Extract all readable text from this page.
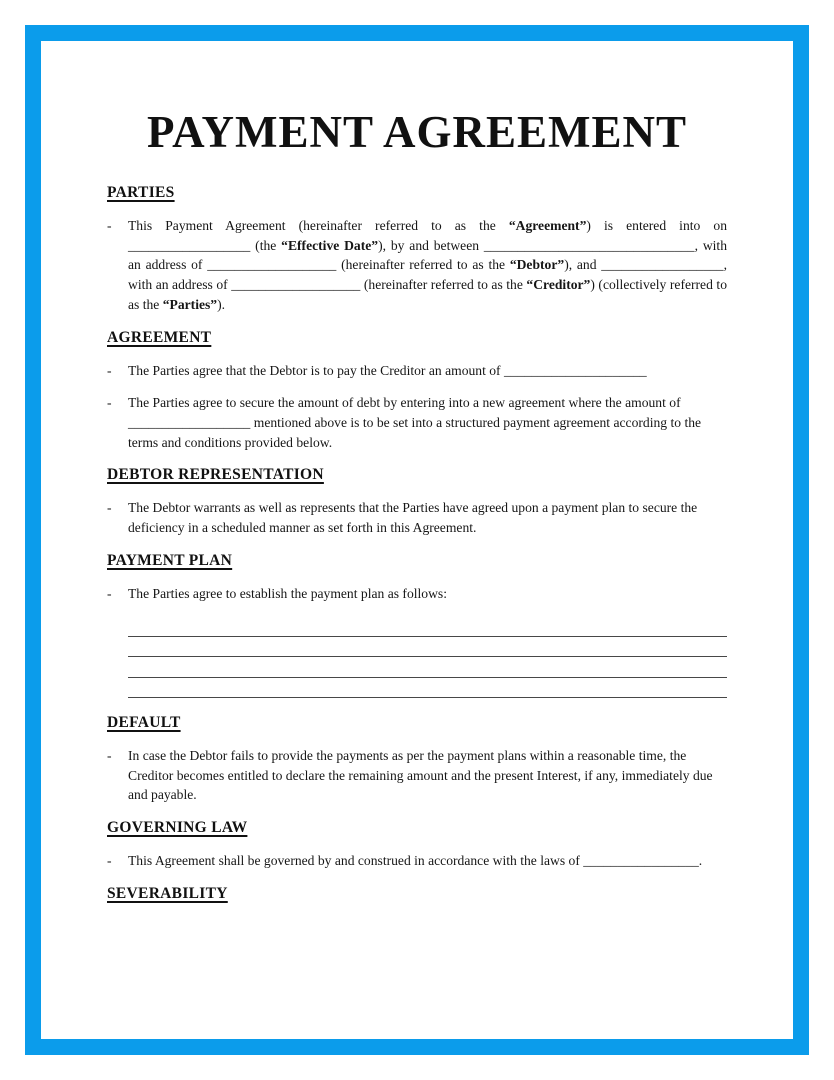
PAYMENT AGREEMENT
PARTIES
-	This Payment Agreement (hereinafter referred to as the “Agreement”) is entered into on __________________ (the “Effective Date”), by and between _______________________________, with an address of ___________________ (hereinafter referred to as the “Debtor”), and __________________, with an address of ___________________ (hereinafter referred to as the “Creditor”) (collectively referred to as the “Parties”).

AGREEMENT
-	The Parties agree that the Debtor is to pay the Creditor an amount of _____________________

-	The Parties agree to secure the amount of debt by entering into a new agreement where the amount of __________________ mentioned above is to be set into a structured payment agreement according to the terms and conditions provided below.

DEBTOR REPRESENTATION
-	The Debtor warrants as well as represents that the Parties have agreed upon a payment plan to secure the deficiency in a scheduled manner as set forth in this Agreement.

PAYMENT PLAN
-	The Parties agree to establish the payment plan as follows:

DEFAULT
-	In case the Debtor fails to provide the payments as per the payment plans within a reasonable time, the Creditor becomes entitled to declare the remaining amount and the present Interest, if any, immediately due and payable.

GOVERNING LAW
-	This Agreement shall be governed by and construed in accordance with the laws of _________________.

SEVERABILITY
